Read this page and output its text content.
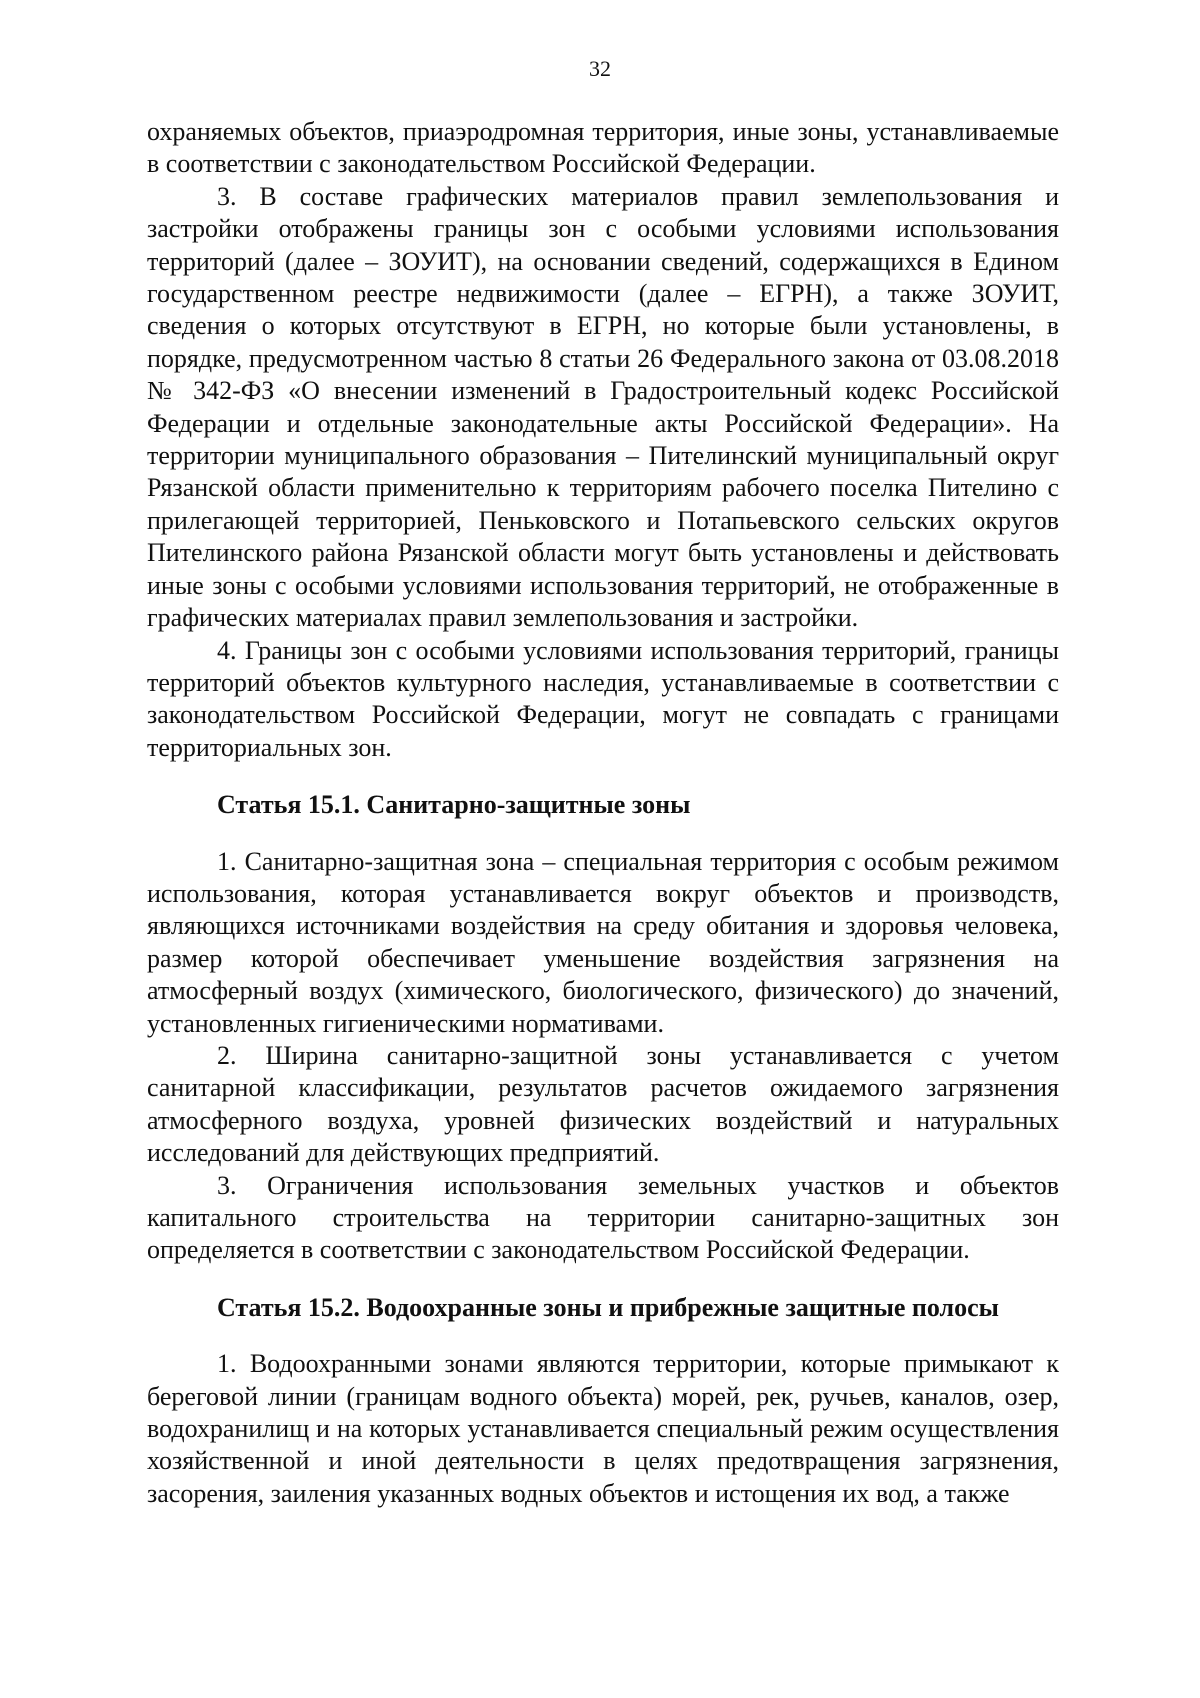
32

охраняемых объектов, приаэродромная территория, иные зоны, устанавливаемые в соответствии с законодательством Российской Федерации.

3. В составе графических материалов правил землепользования и застройки отображены границы зон с особыми условиями использования территорий (далее – ЗОУИТ), на основании сведений, содержащихся в Едином государственном реестре недвижимости (далее – ЕГРН), а также ЗОУИТ, сведения о которых отсутствуют в ЕГРН, но которые были установлены, в порядке, предусмотренном частью 8 статьи 26 Федерального закона от 03.08.2018 № 342-ФЗ «О внесении изменений в Градостроительный кодекс Российской Федерации и отдельные законодательные акты Российской Федерации». На территории муниципального образования – Пителинский муниципальный округ Рязанской области применительно к территориям рабочего поселка Пителино с прилегающей территорией, Пеньковского и Потапьевского сельских округов Пителинского района Рязанской области могут быть установлены и действовать иные зоны с особыми условиями использования территорий, не отображенные в графических материалах правил землепользования и застройки.

4. Границы зон с особыми условиями использования территорий, границы территорий объектов культурного наследия, устанавливаемые в соответствии с законодательством Российской Федерации, могут не совпадать с границами территориальных зон.

Статья 15.1. Санитарно-защитные зоны

1. Санитарно-защитная зона – специальная территория с особым режимом использования, которая устанавливается вокруг объектов и производств, являющихся источниками воздействия на среду обитания и здоровья человека, размер которой обеспечивает уменьшение воздействия загрязнения на атмосферный воздух (химического, биологического, физического) до значений, установленных гигиеническими нормативами.

2. Ширина санитарно-защитной зоны устанавливается с учетом санитарной классификации, результатов расчетов ожидаемого загрязнения атмосферного воздуха, уровней физических воздействий и натуральных исследований для действующих предприятий.

3. Ограничения использования земельных участков и объектов капитального строительства на территории санитарно-защитных зон определяется в соответствии с законодательством Российской Федерации.

Статья 15.2. Водоохранные зоны и прибрежные защитные полосы

1. Водоохранными зонами являются территории, которые примыкают к береговой линии (границам водного объекта) морей, рек, ручьев, каналов, озер, водохранилищ и на которых устанавливается специальный режим осуществления хозяйственной и иной деятельности в целях предотвращения загрязнения, засорения, заиления указанных водных объектов и истощения их вод, а также
